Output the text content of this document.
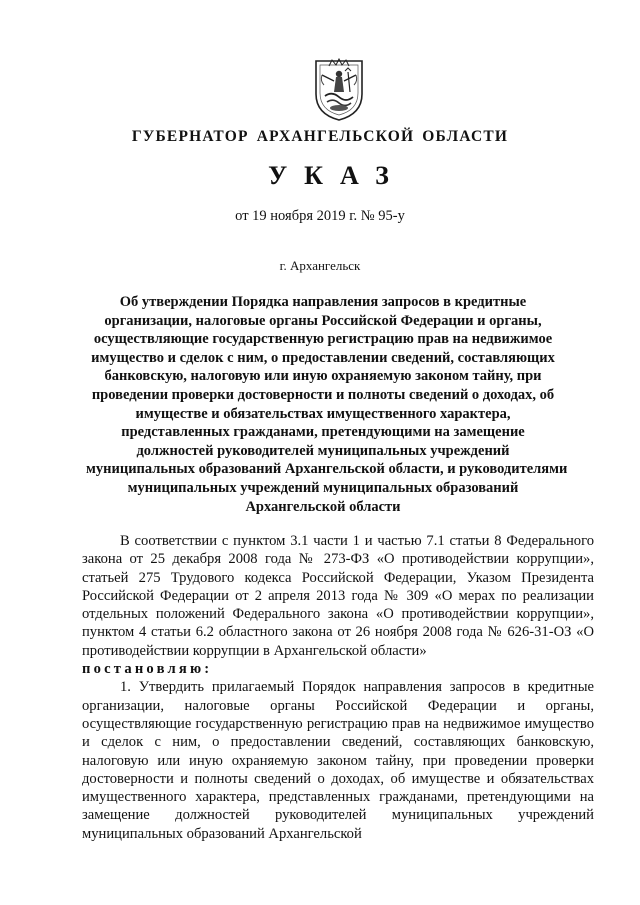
ГУБЕРНАТОР АРХАНГЕЛЬСКОЙ ОБЛАСТИ
УКАЗ
от 19 ноября 2019 г. № 95-у
г. Архангельск
Об утверждении Порядка направления запросов в кредитные
организации, налоговые органы Российской Федерации и органы,
осуществляющие государственную регистрацию прав на недвижимое
имущество и сделок с ним, о предоставлении сведений, составляющих
банковскую, налоговую или иную охраняемую законом тайну, при
проведении проверки достоверности и полноты сведений о доходах, об
имуществе и обязательствах имущественного характера,
представленных гражданами, претендующими на замещение
должностей руководителей муниципальных учреждений
муниципальных образований Архангельской области, и руководителями
муниципальных учреждений муниципальных образований
Архангельской области

В соответствии с пунктом 3.1 части 1 и частью 7.1 статьи 8 Федерального закона от 25 декабря 2008 года № 273-ФЗ «О противодействии коррупции», статьей 275 Трудового кодекса Российской Федерации, Указом Президента Российской Федерации от 2 апреля 2013 года № 309 «О мерах по реализации отдельных положений Федерального закона «О противодействии коррупции», пунктом 4 статьи 6.2 областного закона от 26 ноября 2008 года № 626-31-ОЗ «О противодействии коррупции в Архангельской области»

постановляю:

1. Утвердить прилагаемый Порядок направления запросов в кредитные организации, налоговые органы Российской Федерации и органы, осуществляющие государственную регистрацию прав на недвижимое имущество и сделок с ним, о предоставлении сведений, составляющих банковскую, налоговую или иную охраняемую законом тайну, при проведении проверки достоверности и полноты сведений о доходах, об имуществе и обязательствах имущественного характера, представленных гражданами, претендующими на замещение должностей руководителей муниципальных учреждений муниципальных образований Архангельской
